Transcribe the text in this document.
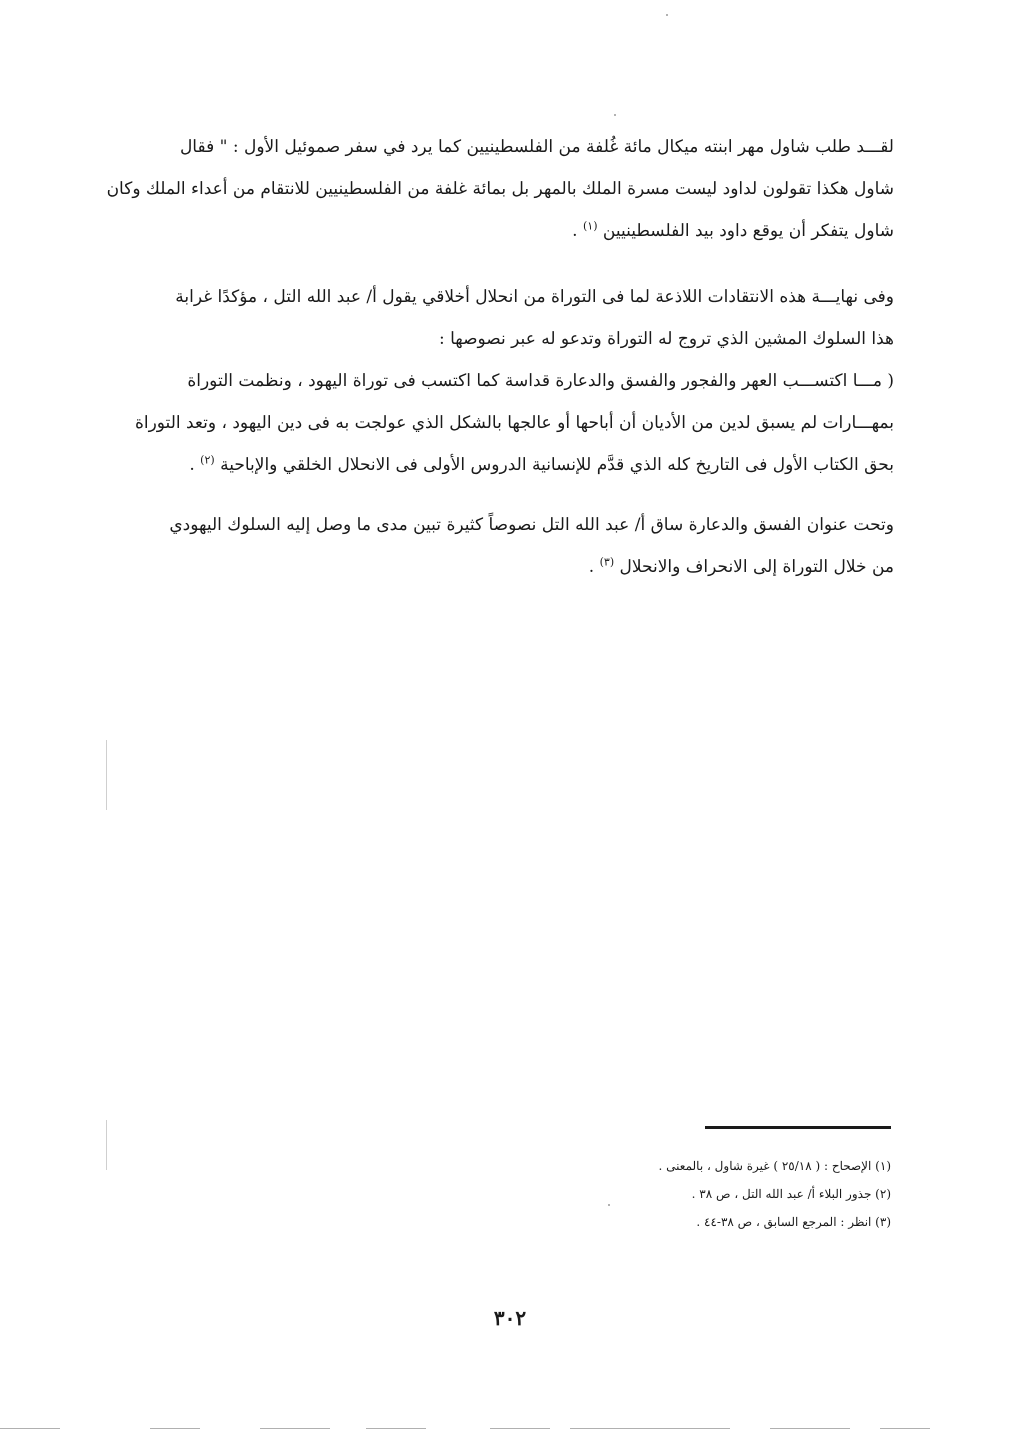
لقـــد طلب شاول مهر ابنته ميكال مائة غُلفة من الفلسطينيين كما يرد في سفر صموئيل الأول : " فقال
شاول هكذا تقولون لداود ليست مسرة الملك بالمهر بل بمائة غلفة من الفلسطينيين للانتقام من أعداء الملك وكان
شاول يتفكر أن يوقع داود بيد الفلسطينيين $^{(١)}$ .

وفى نهايـــة هذه الانتقادات اللاذعة لما فى التوراة من انحلال أخلاقي يقول أ/ عبد الله التل ، مؤكدًا غرابة
هذا السلوك المشين الذي تروج له التوراة وتدعو له عبر نصوصها :
( مـــا اكتســـب العهر والفجور والفسق والدعارة قداسة كما اكتسب فى توراة اليهود ، ونظمت التوراة
بمهـــارات لم يسبق لدين من الأديان أن أباحها أو عالجها بالشكل الذي عولجت به فى دين اليهود ، وتعد التوراة
بحق الكتاب الأول فى التاريخ كله الذي قدَّم للإنسانية الدروس الأولى فى الانحلال الخلقي والإباحية $^{(٢)}$ .

وتحت عنوان الفسق والدعارة ساق أ/ عبد الله التل نصوصاً كثيرة تبين مدى ما وصل إليه السلوك اليهودي
من خلال التوراة إلى الانحراف والانحلال $^{(٣)}$ .

(١) الإصحاح : ( ٢٥/١٨ ) غيرة شاول ، بالمعنى .
(٢) جذور البلاء أ/ عبد الله التل ، ص ٣٨ .
(٣) انظر : المرجع السابق ، ص ٣٨-٤٤ .
٣٠٢
